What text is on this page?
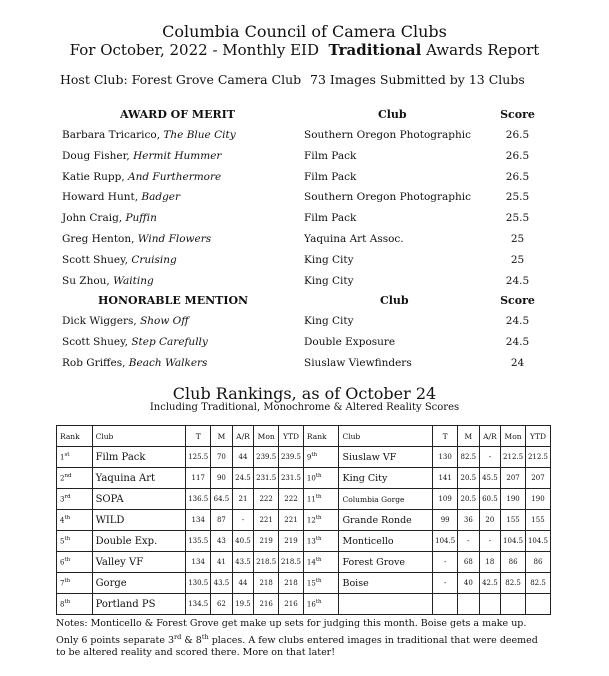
Columbia Council of Camera Clubs
For October, 2022 - Monthly EID Traditional Awards Report
Host Club: Forest Grove Camera Club 73 Images Submitted by 13 Clubs
AWARD OF MERIT	Club	Score
Barbara Tricarico, The Blue City	Southern Oregon Photographic	26.5
Doug Fisher, Hermit Hummer	Film Pack	26.5
Katie Rupp, And Furthermore	Film Pack	26.5
Howard Hunt, Badger	Southern Oregon Photographic	25.5
John Craig, Puffin	Film Pack	25.5
Greg Henton, Wind Flowers	Yaquina Art Assoc.	25
Scott Shuey, Cruising	King City	25
Su Zhou, Waiting	King City	24.5
HONORABLE MENTION	Club	Score
Dick Wiggers, Show Off	King City	24.5
Scott Shuey, Step Carefully	Double Exposure	24.5
Rob Griffes, Beach Walkers	Siuslaw Viewfinders	24
Club Rankings, as of October 24
Including Traditional, Monochrome & Altered Reality Scores
Rank	Club	T	M	A/R	Mon	YTD	Rank	Club	T	M	A/R	Mon	YTD
1st	Film Pack	125.5	70	44	239.5	239.5	9th	Siuslaw VF	130	82.5	-	212.5	212.5
2nd	Yaquina Art	117	90	24.5	231.5	231.5	10th	King City	141	20.5	45.5	207	207
3rd	SOPA	136.5	64.5	21	222	222	11th	Columbia Gorge	109	20.5	60.5	190	190
4th	WILD	134	87	-	221	221	12th	Grande Ronde	99	36	20	155	155
5th	Double Exp.	135.5	43	40.5	219	219	13th	Monticello	104.5	-	-	104.5	104.5
6th	Valley VF	134	41	43.5	218.5	218.5	14th	Forest Grove	-	68	18	86	86
7th	Gorge	130.5	43.5	44	218	218	15th	Boise	-	40	42.5	82.5	82.5
8th	Portland PS	134.5	62	19.5	216	216	16th						
Notes: Monticello & Forest Grove get make up sets for judging this month. Boise gets a make up.
Only 6 points separate 3rd & 8th places. A few clubs entered images in traditional that were deemed
to be altered reality and scored there. More on that later!
